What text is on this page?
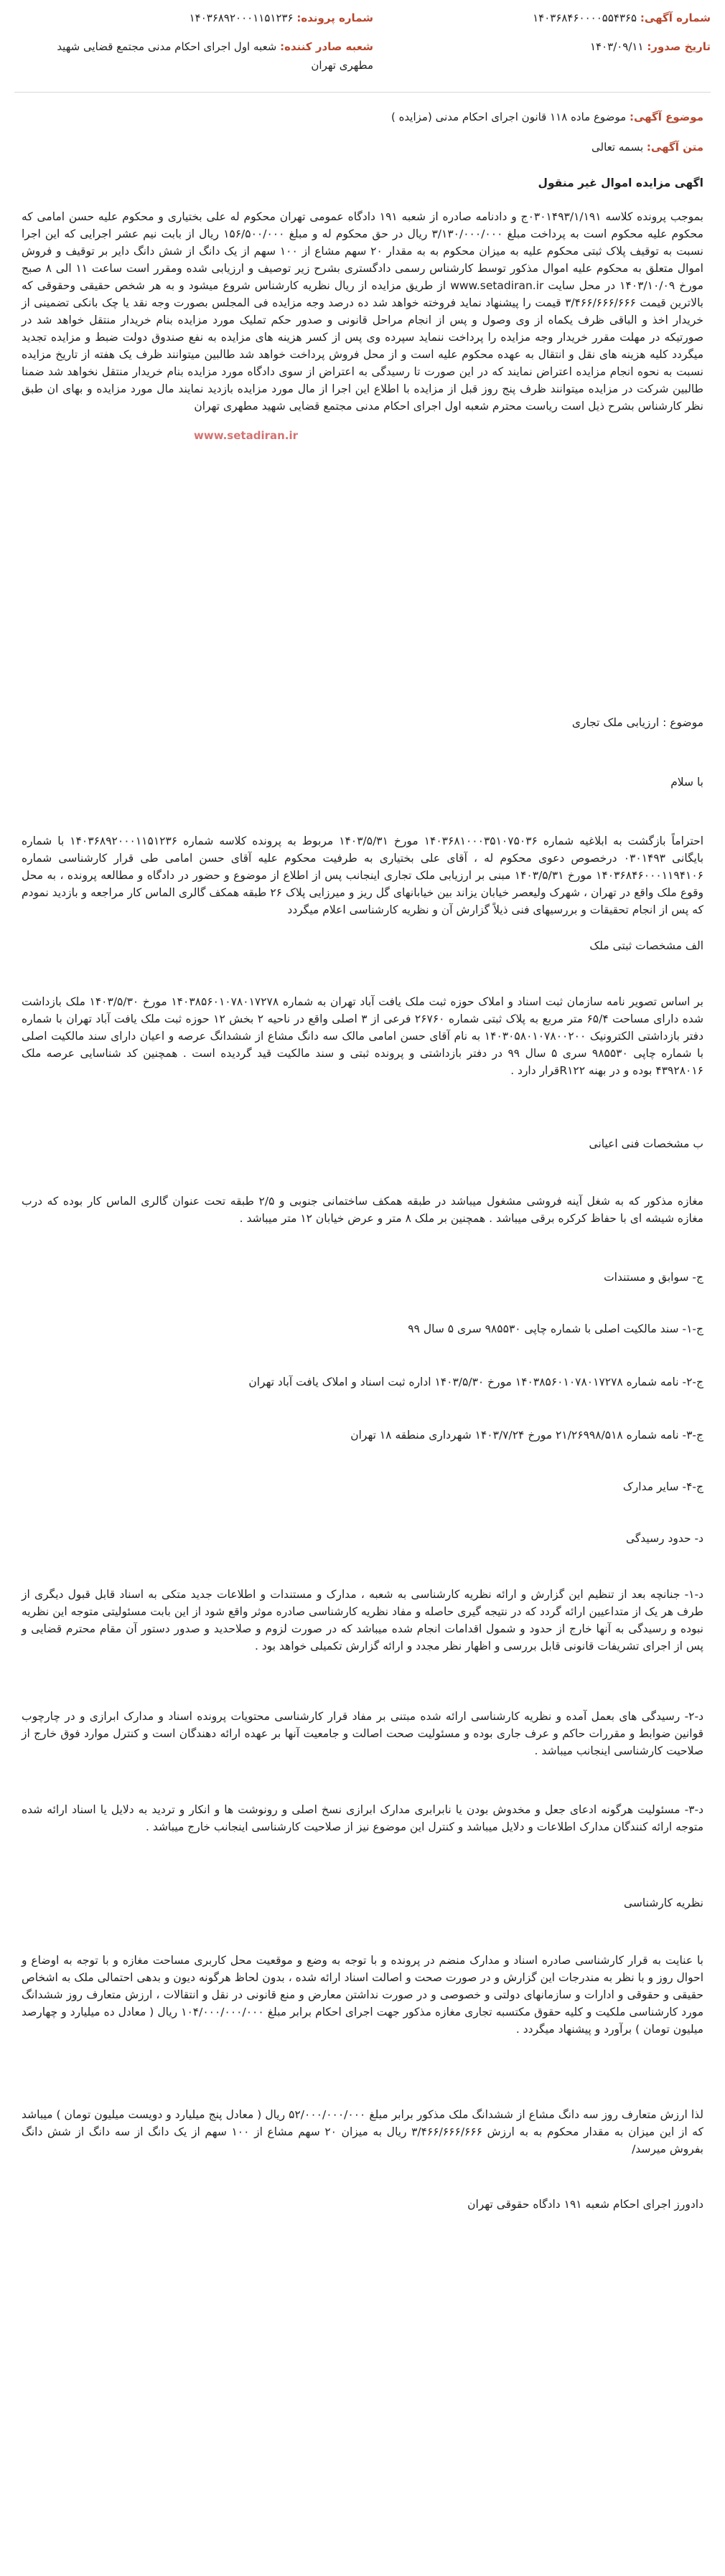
شماره آگهی: ۱۴۰۳۶۸۴۶۰۰۰۰۵۵۴۳۶۵
شماره پرونده: ۱۴۰۳۶۸۹۲۰۰۰۱۱۵۱۲۳۶
تاریخ صدور: ۱۴۰۳/۰۹/۱۱
شعبه صادر کننده: شعبه اول اجرای احکام مدنی مجتمع قضایی شهید مطهری تهران
موضوع آگهی: موضوع ماده ۱۱۸ قانون اجرای احکام مدنی (مزایده )
متن آگهی: بسمه تعالی
www.setadiran.ir
اگهی مزایده اموال غیر منقول
بموجب پرونده کلاسه ۰۳۰۱۴۹۳/۱/۱۹۱ج و دادنامه صادره از شعبه ۱۹۱ دادگاه عمومی تهران محکوم له علی بختیاری و محکوم علیه حسن امامی که محکوم علیه محکوم است به پرداخت مبلغ ۳/۱۳۰/۰۰۰/۰۰۰ ریال در حق محکوم له و مبلغ ۱۵۶/۵۰۰/۰۰۰ ریال از بابت نیم عشر اجرایی که این اجرا نسبت به توقیف پلاک ثبتی محکوم علیه به میزان محکوم به به مقدار ۲۰ سهم مشاع از ۱۰۰ سهم از یک دانگ از شش دانگ دایر بر توقیف و فروش اموال متعلق به محکوم علیه اموال مذکور توسط کارشناس رسمی دادگستری بشرح زیر توصیف و ارزیابی شده ومقرر است ساعت ۱۱ الی ۸ صبح مورخ ۱۴۰۳/۱۰/۰۹ در محل سایت www.setadiran.ir از طریق مزایده از ریال نظریه کارشناس شروع میشود و به هر شخص حقیقی وحقوقی که بالاترین قیمت ۳/۴۶۶/۶۶۶/۶۶۶ قیمت را پیشنهاد نماید فروخته خواهد شد ده درصد وجه مزایده فی المجلس بصورت وجه نقد یا چک بانکی تضمینی از خریدار اخذ و الباقی ظرف یکماه از وی وصول و پس از انجام مراحل قانونی و صدور حکم تملیک مورد مزایده بنام خریدار منتقل خواهد شد در صورتیکه در مهلت مقرر خریدار وجه مزایده را پرداخت ننماید سپرده وی پس از کسر هزینه های مزایده به نفع صندوق دولت ضبط و مزایده تجدید میگردد کلیه هزینه های نقل و انتقال به عهده محکوم علیه است و از محل فروش پرداخت خواهد شد طالبین میتوانند ظرف یک هفته از تاریخ مزایده نسبت به نحوه انجام مزایده اعتراض نمایند که در این صورت تا رسیدگی به اعتراض از سوی دادگاه مورد مزایده بنام خریدار منتقل نخواهد شد ضمنا طالبین شرکت در مزایده میتوانند ظرف پنج روز قبل از مزایده با اطلاع این اجرا از مال مورد مزایده بازدید نمایند مال مورد مزایده و بهای ان طبق نظر کارشناس بشرح ذیل است ریاست محترم شعبه اول اجرای احکام مدنی مجتمع قضایی شهید مطهری تهران
موضوع : ارزیابی ملک تجاری
با سلام
احتراماً بازگشت به ابلاغیه شماره ۱۴۰۳۶۸۱۰۰۰۳۵۱۰۷۵۰۳۶ مورخ ۱۴۰۳/۵/۳۱ مربوط به پرونده کلاسه شماره ۱۴۰۳۶۸۹۲۰۰۰۱۱۵۱۲۳۶ با شماره بایگانی ۰۳۰۱۴۹۳ درخصوص دعوی محکوم له ، آقای علی بختیاری به طرفیت محکوم علیه آقای حسن امامی طی قرار کارشناسی شماره ۱۴۰۳۶۸۴۶۰۰۰۱۱۹۴۱۰۶ مورخ ۱۴۰۳/۵/۳۱ مبنی بر ارزیابی ملک تجاری اینجانب پس از اطلاع از موضوع و حضور در دادگاه و مطالعه پرونده ، به محل وقوع ملک واقع در تهران ، شهرک ولیعصر خیابان یزاند بین خیابانهای گل ریز و میرزایی پلاک ۲۶ طبقه همکف گالری الماس کار مراجعه و بازدید نمودم که پس از انجام تحقیقات و بررسیهای فنی ذیلاً گزارش آن و نظریه کارشناسی اعلام میگردد
الف مشخصات ثبتی ملک
بر اساس تصویر نامه سازمان ثبت اسناد و املاک حوزه ثبت ملک یافت آباد تهران به شماره ۱۴۰۳۸۵۶۰۱۰۷۸۰۱۷۲۷۸ مورخ ۱۴۰۳/۵/۳۰ ملک بازداشت شده دارای مساحت ۶۵/۴ متر مربع به پلاک ثبتی شماره ۲۶۷۶۰ فرعی از ۳ اصلی واقع در ناحیه ۲ بخش ۱۲ حوزه ثبت ملک یافت آباد تهران با شماره دفتر بازداشتی الکترونیک ۱۴۰۳۰۵۸۰۱۰۷۸۰۰۲۰۰ به نام آقای حسن امامی مالک سه دانگ مشاع از ششدانگ عرصه و اعیان دارای سند مالکیت اصلی با شماره چاپی ۹۸۵۵۳۰ سری ۵ سال ۹۹ در دفتر بازداشتی و پرونده ثبتی و سند مالکیت قید گردیده است . همچنین کد شناسایی عرصه ملک ۴۳۹۲۸۰۱۶ بوده و در بهنه R۱۲۲قرار دارد .
ب مشخصات فنی اعیانی
مغازه مذکور که به شغل آینه فروشی مشغول میباشد در طبقه همکف ساختمانی جنوبی و ۲/۵ طبقه تحت عنوان گالری الماس کار بوده که درب مغازه شیشه ای با حفاظ کرکره برقی میباشد . همچنین بر ملک ۸ متر و عرض خیابان ۱۲ متر میباشد .
ج- سوابق و مستندات
ج-۱- سند مالکیت اصلی با شماره چاپی ۹۸۵۵۳۰ سری ۵ سال ۹۹
ج-۲- نامه شماره ۱۴۰۳۸۵۶۰۱۰۷۸۰۱۷۲۷۸ مورخ ۱۴۰۳/۵/۳۰ اداره ثبت اسناد و املاک یافت آباد تهران
ج-۳- نامه شماره ۲۱/۲۶۹۹۸/۵۱۸ مورخ ۱۴۰۳/۷/۲۴ شهرداری منطقه ۱۸ تهران
ج-۴- سایر مدارک
د- حدود رسیدگی
د-۱- جنانچه بعد از تنظیم این گزارش و ارائه نظریه کارشناسی به شعبه ، مدارک و مستندات و اطلاعات جدید متکی به اسناد قابل قبول دیگری از طرف هر یک از متداعیین ارائه گردد که در نتیجه گیری حاصله و مفاد نظریه کارشناسی صادره موثر واقع شود از این بابت مسئولیتی متوجه این نظریه نبوده و رسیدگی به آنها خارج از حدود و شمول اقدامات انجام شده میباشد که در صورت لزوم و صلاحدید و صدور دستور آن مقام محترم قضایی و پس از اجرای تشریفات قانونی قابل بررسی و اظهار نظر مجدد و ارائه گزارش تکمیلی خواهد بود .
د-۲- رسیدگی های بعمل آمده و نظریه کارشناسی ارائه شده مبتنی بر مفاد قرار کارشناسی محتویات پرونده اسناد و مدارک ابرازی و در چارچوب قوانین ضوابط و مقررات حاکم و عرف جاری بوده و مسئولیت صحت اصالت و جامعیت آنها بر عهده ارائه دهندگان است و کنترل موارد فوق خارج از صلاحیت کارشناسی اینجانب میباشد .
د-۳- مسئولیت هرگونه ادعای جعل و مخدوش بودن یا نابرابری مدارک ابرازی نسخ اصلی و رونوشت ها و انکار و تردید به دلایل یا اسناد ارائه شده متوجه ارائه کنندگان مدارک اطلاعات و دلایل میباشد و کنترل این موضوع نیز از صلاحیت کارشناسی اینجانب خارج میباشد .
نظریه کارشناسی
با عنایت به قرار کارشناسی صادره اسناد و مدارک منضم در پرونده و با توجه به وضع و موقعیت محل کاربری مساحت مغازه و با توجه به اوضاع و احوال روز و با نظر به مندرجات این گزارش و در صورت صحت و اصالت اسناد ارائه شده ، بدون لحاظ هرگونه دیون و بدهی احتمالی ملک به اشخاص حقیقی و حقوقی و ادارات و سازمانهای دولتی و خصوصی و در صورت نداشتن معارض و منع قانونی در نقل و انتقالات ، ارزش متعارف روز ششدانگ مورد کارشناسی ملکیت و کلیه حقوق مکتسبه تجاری مغازه مذکور جهت اجرای احکام برابر مبلغ ۱۰۴/۰۰۰/۰۰۰/۰۰۰ ریال ( معادل ده میلیارد و چهارصد میلیون تومان ) برآورد و پیشنهاد میگردد .
لذا ارزش متعارف روز سه دانگ مشاع از ششدانگ ملک مذکور برابر مبلغ ۵۲/۰۰۰/۰۰۰/۰۰۰ ریال ( معادل پنج میلیارد و دویست میلیون تومان ) میباشد که از این میزان به مقدار محکوم به به ارزش ۳/۴۶۶/۶۶۶/۶۶۶ ریال به میزان ۲۰ سهم مشاع از ۱۰۰ سهم از یک دانگ از سه دانگ از شش دانگ بفروش میرسد/
دادورز اجرای احکام شعبه ۱۹۱ دادگاه حقوقی تهران
